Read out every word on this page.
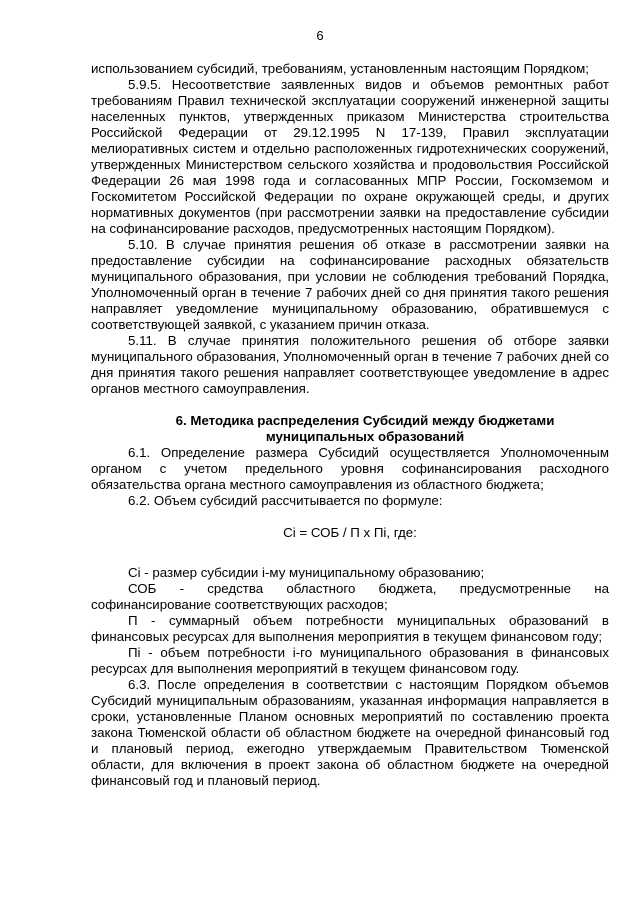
6

использованием субсидий, требованиям, установленным настоящим Порядком;

5.9.5. Несоответствие заявленных видов и объемов ремонтных работ требованиям Правил технической эксплуатации сооружений инженерной защиты населенных пунктов, утвержденных приказом Министерства строительства Российской Федерации от 29.12.1995 N 17-139, Правил эксплуатации мелиоративных систем и отдельно расположенных гидротехнических сооружений, утвержденных Министерством сельского хозяйства и продовольствия Российской Федерации 26 мая 1998 года и согласованных МПР России, Госкомземом и Госкомитетом Российской Федерации по охране окружающей среды, и других нормативных документов (при рассмотрении заявки на предоставление субсидии на софинансирование расходов, предусмотренных настоящим Порядком).

5.10. В случае принятия решения об отказе в рассмотрении заявки на предоставление субсидии на софинансирование расходных обязательств муниципального образования, при условии не соблюдения требований Порядка, Уполномоченный орган в течение 7 рабочих дней со дня принятия такого решения направляет уведомление муниципальному образованию, обратившемуся с соответствующей заявкой, с указанием причин отказа.

5.11. В случае принятия положительного решения об отборе заявки муниципального образования, Уполномоченный орган в течение 7 рабочих дней со дня принятия такого решения направляет соответствующее уведомление в адрес органов местного самоуправления.

6. Методика распределения Субсидий между бюджетами муниципальных образований

6.1. Определение размера Субсидий осуществляется Уполномоченным органом с учетом предельного уровня софинансирования расходного обязательства органа местного самоуправления из областного бюджета;

6.2. Объем субсидий рассчитывается по формуле:

Сi = СОБ / П х Пi, где:

Сi - размер субсидии i-му муниципальному образованию;

СОБ - средства областного бюджета, предусмотренные на софинансирование соответствующих расходов;

П - суммарный объем потребности муниципальных образований в финансовых ресурсах для выполнения мероприятия в текущем финансовом году;

Пi - объем потребности i-го муниципального образования в финансовых ресурсах для выполнения мероприятий в текущем финансовом году.

6.3. После определения в соответствии с настоящим Порядком объемов Субсидий муниципальным образованиям, указанная информация направляется в сроки, установленные Планом основных мероприятий по составлению проекта закона Тюменской области об областном бюджете на очередной финансовый год и плановый период, ежегодно утверждаемым Правительством Тюменской области, для включения в проект закона об областном бюджете на очередной финансовый год и плановый период.
